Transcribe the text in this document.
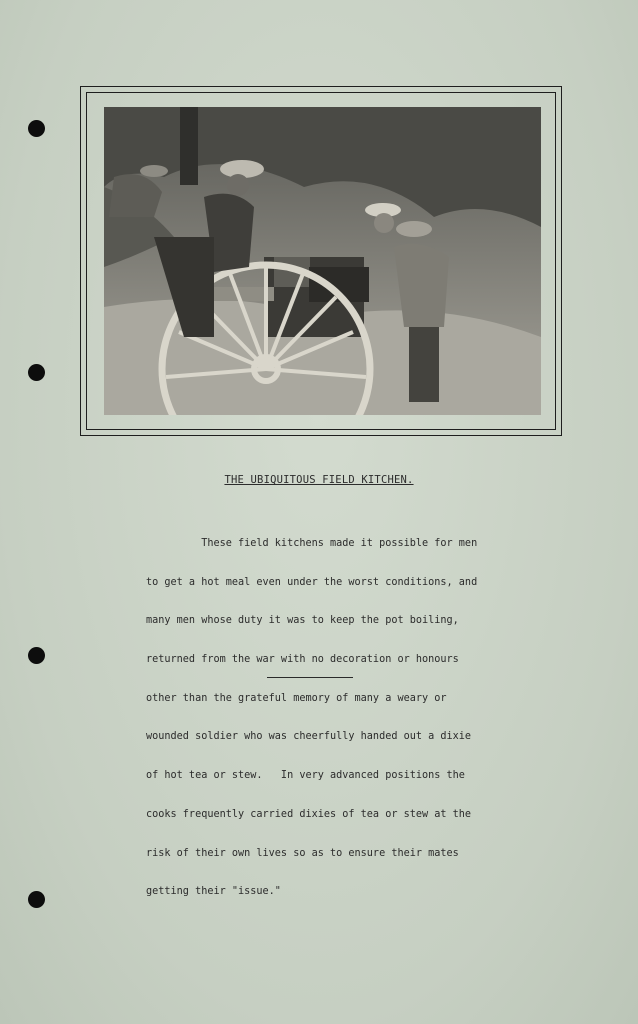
THE UBIQUITOUS FIELD KITCHEN.

These field kitchens made it possible for men

to get a hot meal even under the worst conditions, and

many men whose duty it was to keep the pot boiling,

returned from the war with no decoration or honours

other than the grateful memory of many a weary or

wounded soldier who was cheerfully handed out a dixie

of hot tea or stew.   In very advanced positions the

cooks frequently carried dixies of tea or stew at the

risk of their own lives so as to ensure their mates

getting their "issue."
